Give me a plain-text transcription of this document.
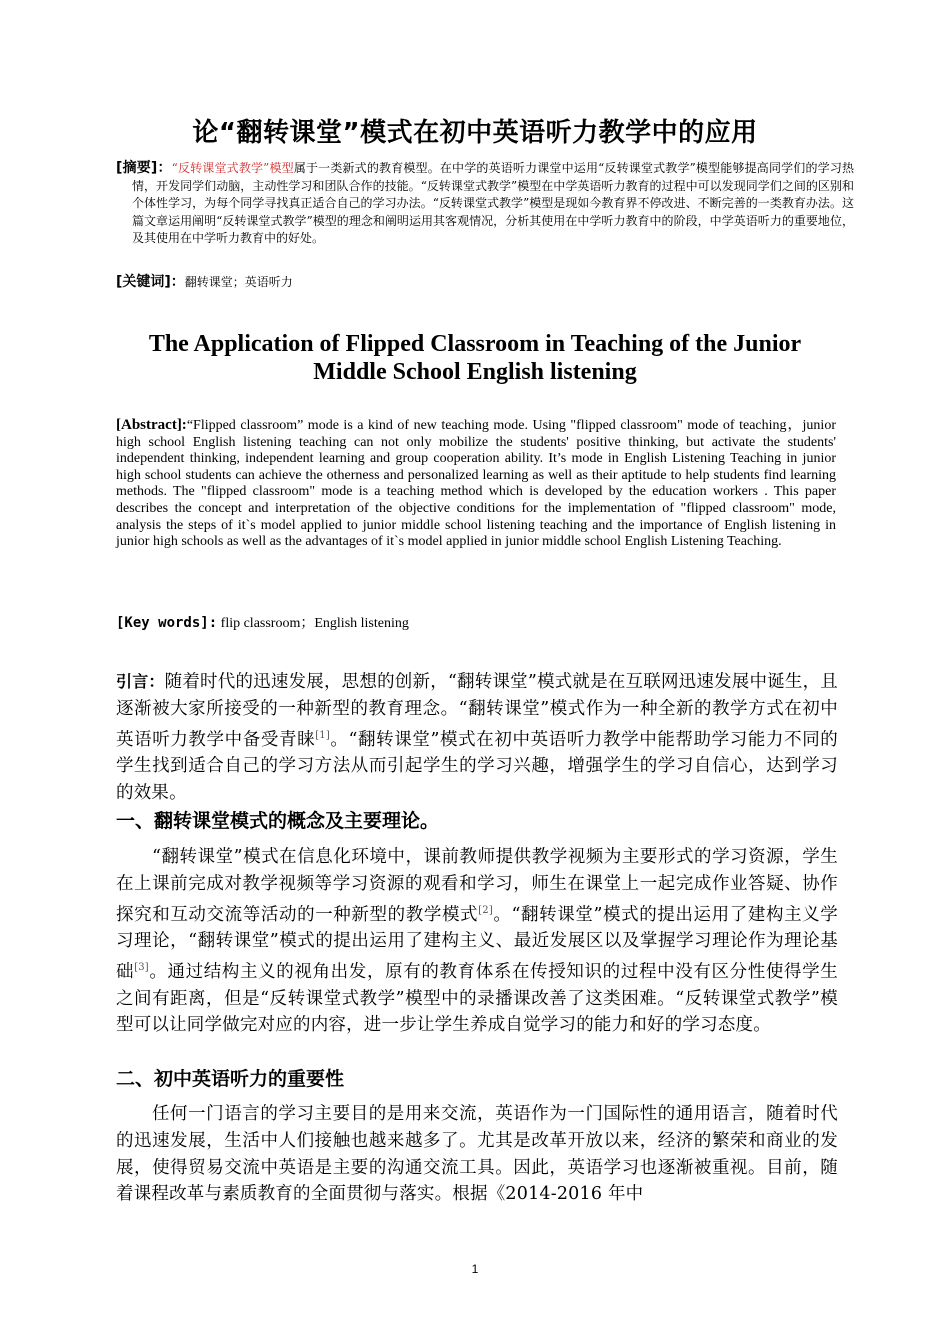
论“翻转课堂”模式在初中英语听力教学中的应用
[摘要]：“反转课堂式教学”模型属于一类新式的教育模型。在中学的英语听力课堂中运用“反转课堂式教学”模型能够提高同学们的学习热情，开发同学们动脑，主动性学习和团队合作的技能。“反转课堂式教学”模型在中学英语听力教育的过程中可以发现同学们之间的区别和个体性学习，为每个同学寻找真正适合自己的学习办法。“反转课堂式教学”模型是现如今教育界不停改进、不断完善的一类教育办法。这篇文章运用阐明“反转课堂式教学”模型的理念和阐明运用其客观情况，分析其使用在中学听力教育中的阶段，中学英语听力的重要地位，及其使用在中学听力教育中的好处。
[关键词]：翻转课堂；英语听力
The Application of Flipped Classroom in Teaching of the Junior Middle School English listening
[Abstract]:“Flipped classroom” mode is a kind of new teaching mode. Using "flipped classroom" mode of teaching，junior high school English listening teaching can not only mobilize the students' positive thinking, but activate the students' independent thinking, independent learning and group cooperation ability. It’s mode in English Listening Teaching in junior high school students can achieve the otherness and personalized learning as well as their aptitude to help students find learning methods. The "flipped classroom" mode is a teaching method which is developed by the education workers . This paper describes the concept and interpretation of the objective conditions for the implementation of "flipped classroom" mode, analysis the steps of it`s model applied to junior middle school listening teaching and the importance of English listening in junior high schools as well as the advantages of it`s model applied in junior middle school English Listening Teaching.
[Key words]: flip classroom；English listening
引言：随着时代的迅速发展，思想的创新，“翻转课堂”模式就是在互联网迅速发展中诞生，且逐渐被大家所接受的一种新型的教育理念。“翻转课堂”模式作为一种全新的教学方式在初中英语听力教学中备受青睐[1]。“翻转课堂”模式在初中英语听力教学中能帮助学习能力不同的学生找到适合自己的学习方法从而引起学生的学习兴趣，增强学生的学习自信心，达到学习的效果。
一、翻转课堂模式的概念及主要理论。
“翻转课堂”模式在信息化环境中，课前教师提供教学视频为主要形式的学习资源，学生在上课前完成对教学视频等学习资源的观看和学习，师生在课堂上一起完成作业答疑、协作探究和互动交流等活动的一种新型的教学模式[2]。“翻转课堂”模式的提出运用了建构主义学习理论，“翻转课堂”模式的提出运用了建构主义、最近发展区以及掌握学习理论作为理论基础[3]。通过结构主义的视角出发，原有的教育体系在传授知识的过程中没有区分性使得学生之间有距离，但是“反转课堂式教学”模型中的录播课改善了这类困难。“反转课堂式教学”模型可以让同学做完对应的内容，进一步让学生养成自觉学习的能力和好的学习态度。
二、初中英语听力的重要性
任何一门语言的学习主要目的是用来交流，英语作为一门国际性的通用语言，随着时代的迅速发展，生活中人们接触也越来越多了。尤其是改革开放以来，经济的繁荣和商业的发展，使得贸易交流中英语是主要的沟通交流工具。因此，英语学习也逐渐被重视。目前，随着课程改革与素质教育的全面贯彻与落实。根据《2014-2016 年中
1
